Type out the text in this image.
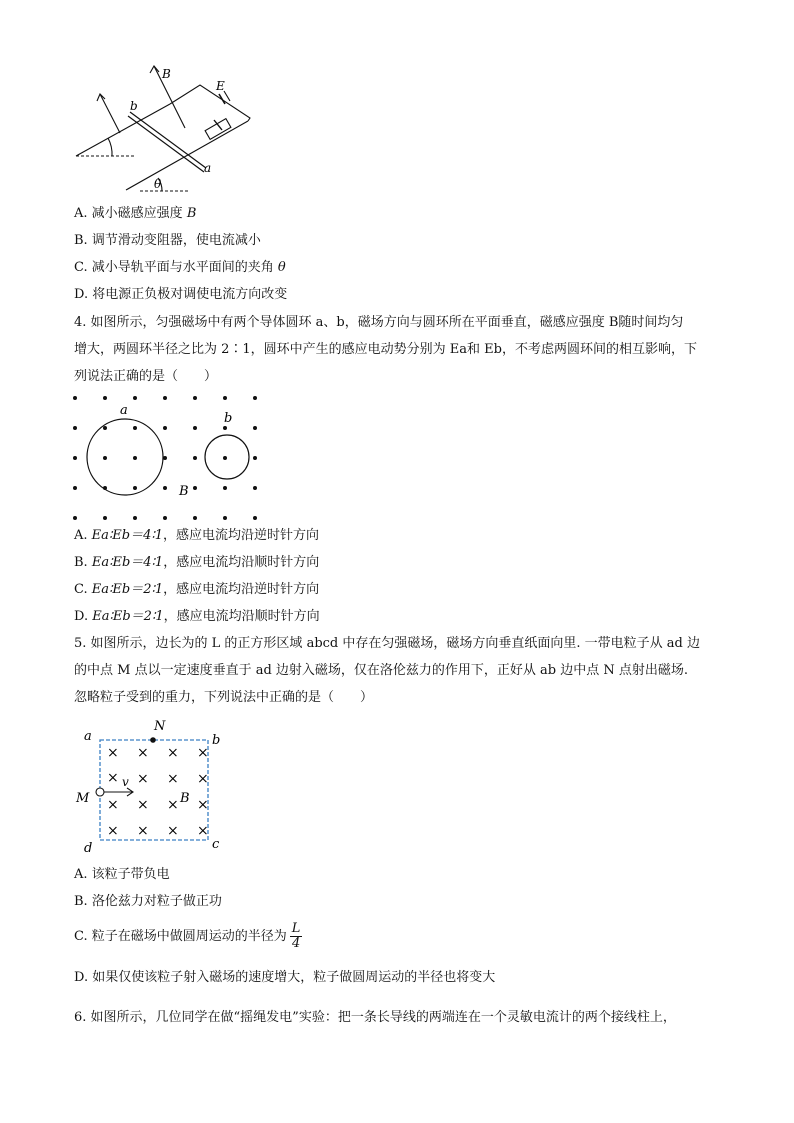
B
E
b
a
θ
A. 减小磁感应强度 B
B. 调节滑动变阻器，使电流减小
C. 减小导轨平面与水平面间的夹角 θ
D. 将电源正负极对调使电流方向改变
4. 如图所示，匀强磁场中有两个导体圆环 a、b，磁场方向与圆环所在平面垂直，磁感应强度 B随时间均匀
增大，两圆环半径之比为 2∶1，圆环中产生的感应电动势分别为 Ea和 Eb，不考虑两圆环间的相互影响，下
列说法正确的是（　　）
a
b
B
A. Ea∶Eb＝4∶1，感应电流均沿逆时针方向
B. Ea∶Eb＝4∶1，感应电流均沿顺时针方向
C. Ea∶Eb＝2∶1，感应电流均沿逆时针方向
D. Ea∶Eb＝2∶1，感应电流均沿顺时针方向
5. 如图所示，边长为的 L 的正方形区域 abcd 中存在匀强磁场，磁场方向垂直纸面向里. 一带电粒子从 ad 边
的中点 M 点以一定速度垂直于 ad 边射入磁场，仅在洛伦兹力的作用下，正好从 ab 边中点 N 点射出磁场.
忽略粒子受到的重力，下列说法中正确的是（　　）
× × × ×
× × ×
× × × ×
× × × ×
×
a	b
c
d
N
M
v
B
A. 该粒子带负电
B. 洛伦兹力对粒子做正功
C. 粒子在磁场中做圆周运动的半径为 $\frac{L}{4}$
D. 如果仅使该粒子射入磁场的速度增大，粒子做圆周运动的半径也将变大
6. 如图所示，几位同学在做“摇绳发电”实验：把一条长导线的两端连在一个灵敏电流计的两个接线柱上，
